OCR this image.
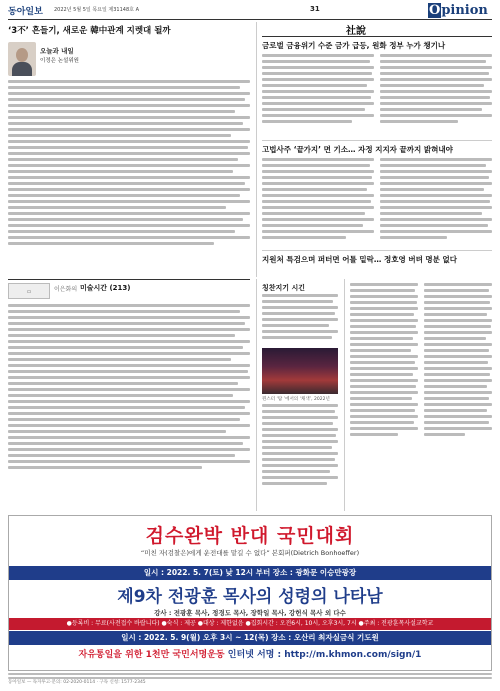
동아일보 2022년 5월 5일 목요일 제31148호 A	31	Opinion
‘3不’ 흔들기, 새로운 韓中관계 지렛대 될까
오늘과 내일
이정은 논설위원
▭	이은화의 미술시간 (213)	칭찬지기 시긴
뮌스터 ‘탐 ’에서의 ‘채색’, 2022년
社說
금로벌 금융위기 수준 금가 급등, 원화 정부 누가 챙기나
고법사주 ‘끝가지’ 면 기소… 자정 지지자 끝까지 밝혀내야
지원처 특검으며 퍼터면 어틀 밑락… 정호영 버텨 명분 없다
검수완박 반대 국민대회
“미친 자(검찰은)에게 운전대를 맡길 수 없다” 본회퍼(Dietrich Bonhoeffer)
일시 : 2022. 5. 7(토) 낮 12시 부터 장소 : 광화문 이승만광장
제9차 전광훈 목사의 성령의 나타남
강사 : 전광훈 목사, 정경도 목사, 장학일 목사, 강헌식 목사 외 다수
●등록비 : 무료(사전접수 바랍니다) ●숙식 : 제공 ●대상 : 제한없음 ●집회시간 : 오전6시, 10시, 오후3시, 7시 ●주최 : 전광훈목사설교학교
일시 : 2022. 5. 9(월) 오후 3시 ~ 12(목) 장소 : 오산리 최자실금식 기도원
자유통일을 위한 1천만 국민서명운동 인터넷 서명 : http://m.khmon.com/sign/1
동아일보 — 독자투고·문의: 02-2020-0114 · 구독 신청: 1577-2345
